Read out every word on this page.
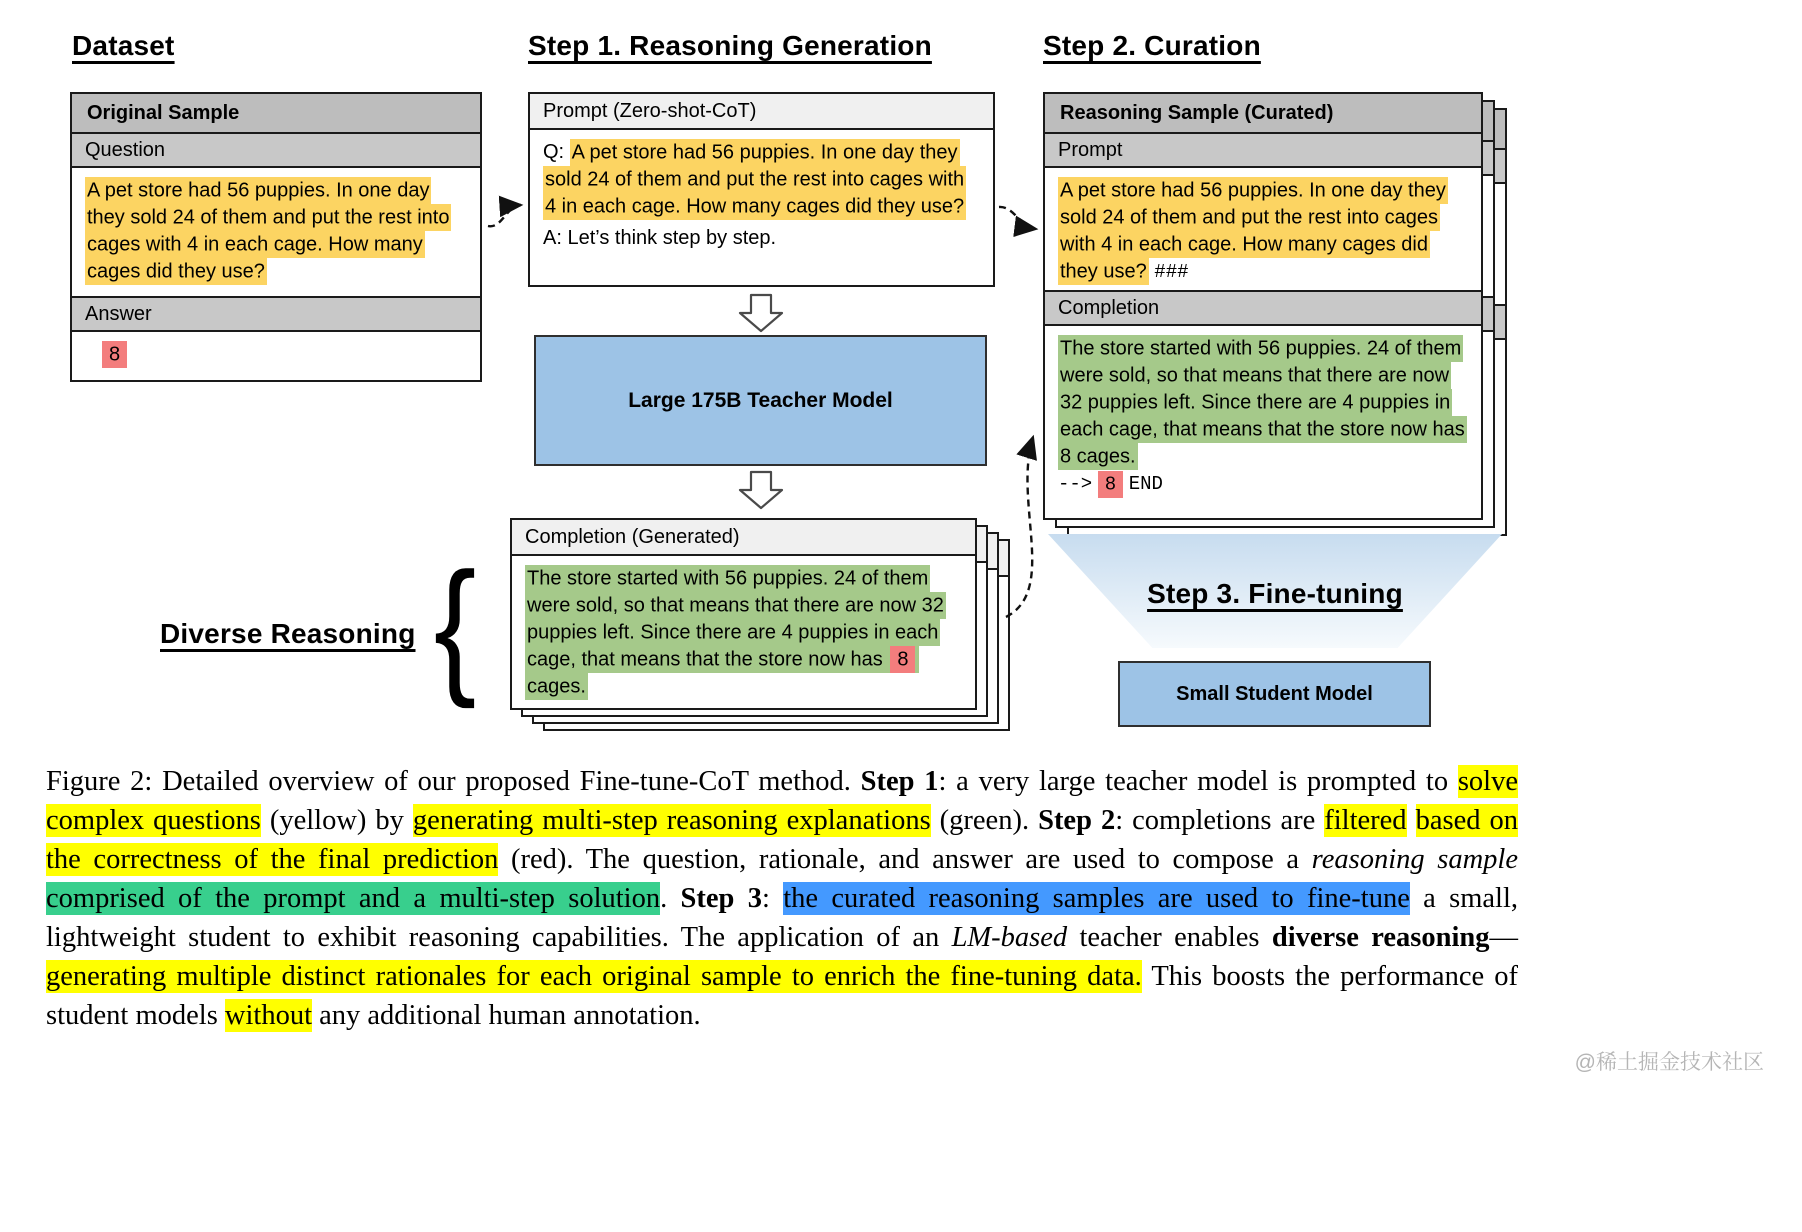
Dataset	Step 1. Reasoning Generation	Step 2. Curation
Original Sample
Question
A pet store had 56 puppies. In one day they sold 24 of them and put the rest into cages with 4 in each cage. How many cages did they use?
Answer
8
Prompt (Zero-shot-CoT)
Q: A pet store had 56 puppies. In one day they sold 24 of them and put the rest into cages with 4 in each cage. How many cages did they use?
A: Let’s think step by step.
Large 175B Teacher Model
Completion (Generated)
The store started with 56 puppies. 24 of them were sold, so that means that there are now 32 puppies left. Since there are 4 puppies in each cage, that means that the store now has 8 cages.
Diverse Reasoning {
Reasoning Sample (Curated)
Prompt
A pet store had 56 puppies. In one day they sold 24 of them and put the rest into cages with 4 in each cage. How many cages did they use? ###
Completion
The store started with 56 puppies. 24 of them were sold, so that means that there are now 32 puppies left. Since there are 4 puppies in each cage, that means that the store now has 8 cages.
--> 8 END
Step 3. Fine-tuning
Small Student Model

Figure 2: Detailed overview of our proposed Fine-tune-CoT method. Step 1: a very large teacher model is prompted to solve complex questions (yellow) by generating multi-step reasoning explanations (green). Step 2: completions are filtered based on the correctness of the final prediction (red). The question, rationale, and answer are used to compose a reasoning sample comprised of the prompt and a multi-step solution. Step 3: the curated reasoning samples are used to fine-tune a small, lightweight student to exhibit reasoning capabilities. The application of an LM-based teacher enables diverse reasoning—generating multiple distinct rationales for each original sample to enrich the fine-tuning data. This boosts the performance of student models without any additional human annotation.

@稀土掘金技术社区
